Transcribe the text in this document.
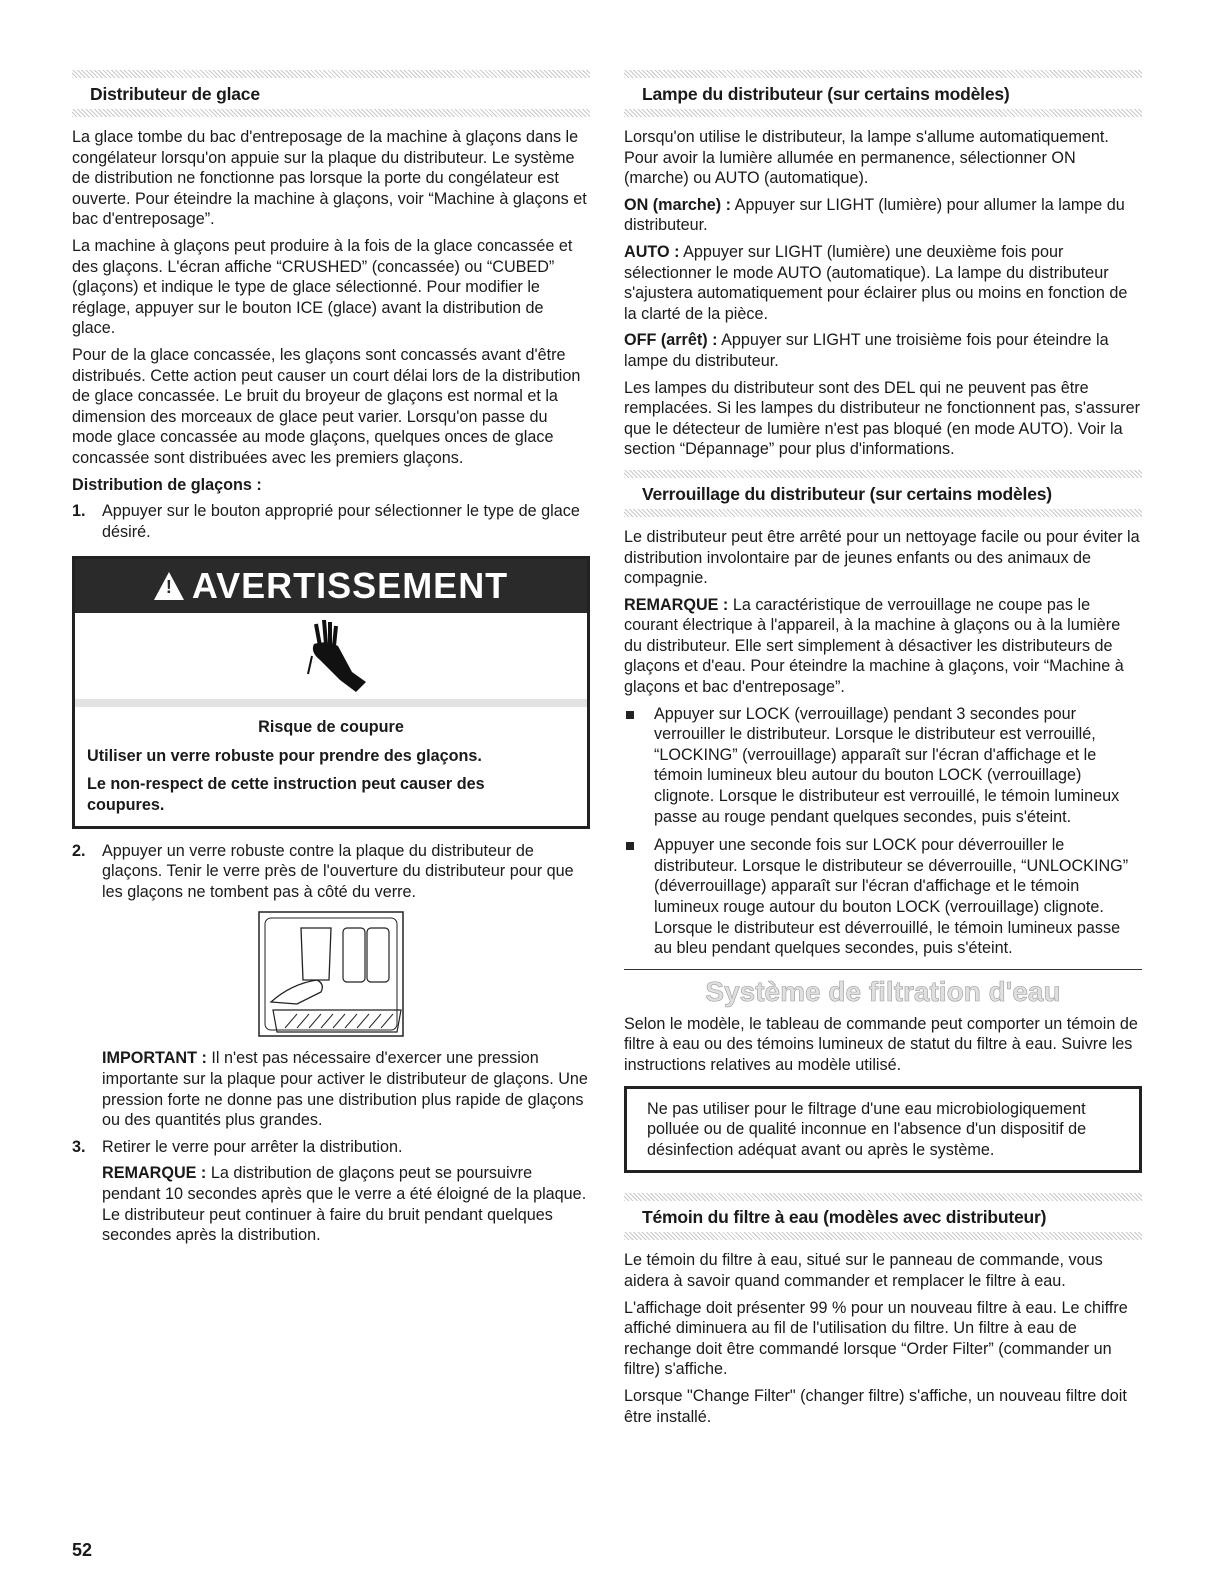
Distributeur de glace

La glace tombe du bac d'entreposage de la machine à glaçons dans le congélateur lorsqu'on appuie sur la plaque du distributeur. Le système de distribution ne fonctionne pas lorsque la porte du congélateur est ouverte. Pour éteindre la machine à glaçons, voir “Machine à glaçons et bac d'entreposage”.

La machine à glaçons peut produire à la fois de la glace concassée et des glaçons. L'écran affiche “CRUSHED” (concassée) ou “CUBED” (glaçons) et indique le type de glace sélectionné. Pour modifier le réglage, appuyer sur le bouton ICE (glace) avant la distribution de glace.

Pour de la glace concassée, les glaçons sont concassés avant d'être distribués. Cette action peut causer un court délai lors de la distribution de glace concassée. Le bruit du broyeur de glaçons est normal et la dimension des morceaux de glace peut varier. Lorsqu'on passe du mode glace concassée au mode glaçons, quelques onces de glace concassée sont distribuées avec les premiers glaçons.

Distribution de glaçons :

1.	Appuyer sur le bouton approprié pour sélectionner le type de glace désiré.
!
AVERTISSEMENT
Risque de coupure
Utiliser un verre robuste pour prendre des glaçons.
Le non-respect de cette instruction peut causer des coupures.
2.	Appuyer un verre robuste contre la plaque du distributeur de glaçons. Tenir le verre près de l'ouverture du distributeur pour que les glaçons ne tombent pas à côté du verre.

IMPORTANT : Il n'est pas nécessaire d'exercer une pression importante sur la plaque pour activer le distributeur de glaçons. Une pression forte ne donne pas une distribution plus rapide de glaçons ou des quantités plus grandes.

3.	Retirer le verre pour arrêter la distribution.

REMARQUE : La distribution de glaçons peut se poursuivre pendant 10 secondes après que le verre a été éloigné de la plaque. Le distributeur peut continuer à faire du bruit pendant quelques secondes après la distribution.

Lampe du distributeur (sur certains modèles)

Lorsqu'on utilise le distributeur, la lampe s'allume automatiquement. Pour avoir la lumière allumée en permanence, sélectionner ON (marche) ou AUTO (automatique).

ON (marche) : Appuyer sur LIGHT (lumière) pour allumer la lampe du distributeur.

AUTO : Appuyer sur LIGHT (lumière) une deuxième fois pour sélectionner le mode AUTO (automatique). La lampe du distributeur s'ajustera automatiquement pour éclairer plus ou moins en fonction de la clarté de la pièce.

OFF (arrêt) : Appuyer sur LIGHT une troisième fois pour éteindre la lampe du distributeur.

Les lampes du distributeur sont des DEL qui ne peuvent pas être remplacées. Si les lampes du distributeur ne fonctionnent pas, s'assurer que le détecteur de lumière n'est pas bloqué (en mode AUTO). Voir la section “Dépannage” pour plus d'informations.

Verrouillage du distributeur (sur certains modèles)

Le distributeur peut être arrêté pour un nettoyage facile ou pour éviter la distribution involontaire par de jeunes enfants ou des animaux de compagnie.

REMARQUE : La caractéristique de verrouillage ne coupe pas le courant électrique à l'appareil, à la machine à glaçons ou à la lumière du distributeur. Elle sert simplement à désactiver les distributeurs de glaçons et d'eau. Pour éteindre la machine à glaçons, voir “Machine à glaçons et bac d'entreposage”.

Appuyer sur LOCK (verrouillage) pendant 3 secondes pour verrouiller le distributeur. Lorsque le distributeur est verrouillé, “LOCKING” (verrouillage) apparaît sur l'écran d'affichage et le témoin lumineux bleu autour du bouton LOCK (verrouillage) clignote. Lorsque le distributeur est verrouillé, le témoin lumineux passe au rouge pendant quelques secondes, puis s'éteint.
Appuyer une seconde fois sur LOCK pour déverrouiller le distributeur. Lorsque le distributeur se déverrouille, “UNLOCKING” (déverrouillage) apparaît sur l'écran d'affichage et le témoin lumineux rouge autour du bouton LOCK (verrouillage) clignote. Lorsque le distributeur est déverrouillé, le témoin lumineux passe au bleu pendant quelques secondes, puis s'éteint.
Système de filtration d'eau

Selon le modèle, le tableau de commande peut comporter un témoin de filtre à eau ou des témoins lumineux de statut du filtre à eau. Suivre les instructions relatives au modèle utilisé.

Ne pas utiliser pour le filtrage d'une eau microbiologiquement polluée ou de qualité inconnue en l'absence d'un dispositif de désinfection adéquat avant ou après le système.
Témoin du filtre à eau (modèles avec distributeur)

Le témoin du filtre à eau, situé sur le panneau de commande, vous aidera à savoir quand commander et remplacer le filtre à eau.

L'affichage doit présenter 99 % pour un nouveau filtre à eau. Le chiffre affiché diminuera au fil de l'utilisation du filtre. Un filtre à eau de rechange doit être commandé lorsque “Order Filter” (commander un filtre) s'affiche.

Lorsque "Change Filter" (changer filtre) s'affiche, un nouveau filtre doit être installé.

52
